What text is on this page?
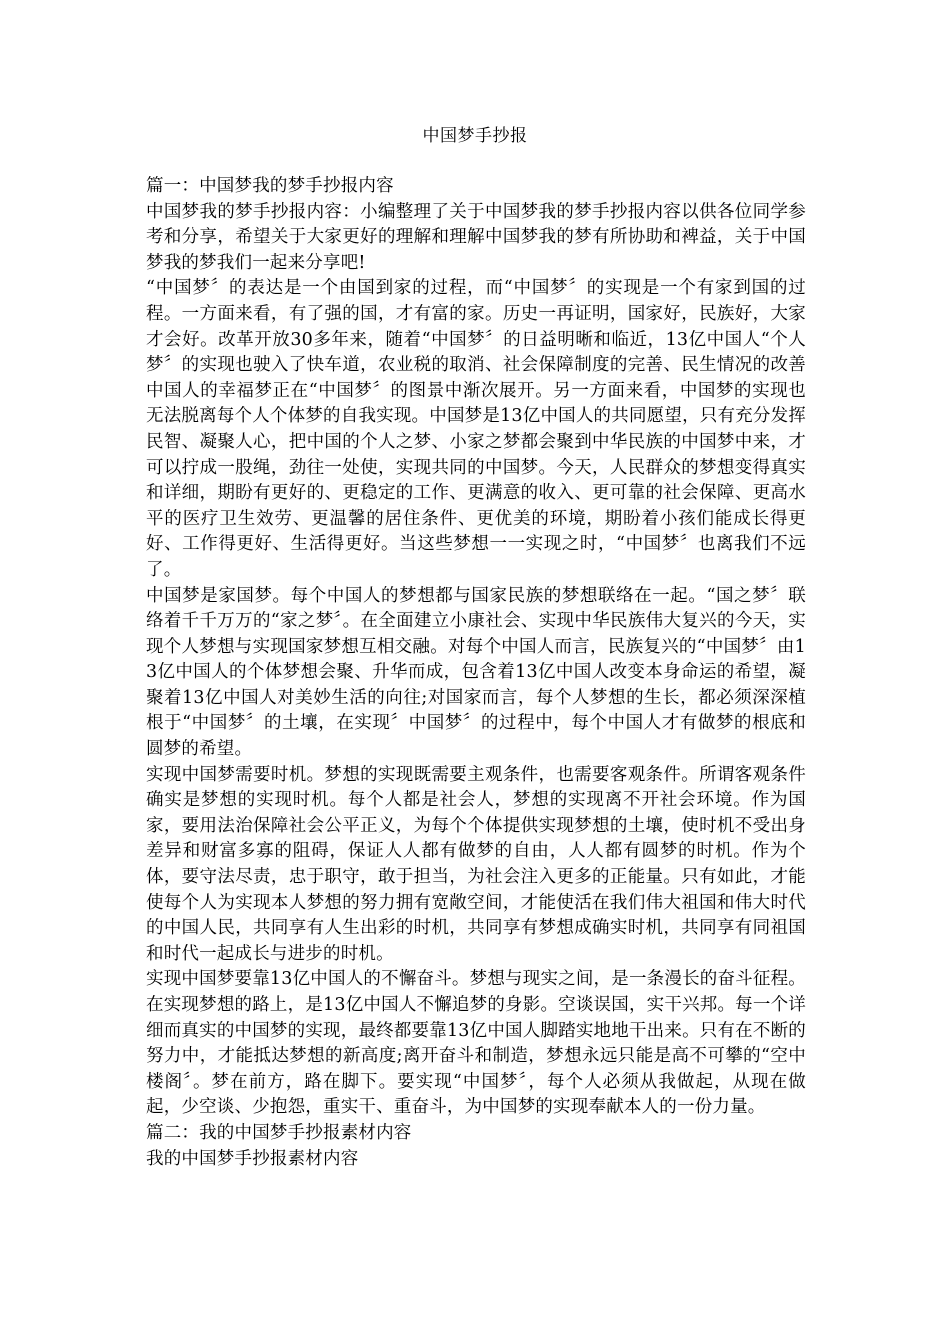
中国梦手抄报

篇一：中国梦我的梦手抄报内容

中国梦我的梦手抄报内容：小编整理了关于中国梦我的梦手抄报内容以供各位同学参考和分享，希望关于大家更好的理解和理解中国梦我的梦有所协助和裨益，关于中国梦我的梦我们一起来分享吧!

“中国梦〞的表达是一个由国到家的过程，而“中国梦〞的实现是一个有家到国的过程。一方面来看，有了强的国，才有富的家。历史一再证明，国家好，民族好，大家才会好。改革开放30多年来，随着“中国梦〞的日益明晰和临近，13亿中国人“个人梦〞的实现也驶入了快车道，农业税的取消、社会保障制度的完善、民生情况的改善中国人的幸福梦正在“中国梦〞的图景中渐次展开。另一方面来看，中国梦的实现也无法脱离每个人个体梦的自我实现。中国梦是13亿中国人的共同愿望，只有充分发挥民智、凝聚人心，把中国的个人之梦、小家之梦都会聚到中华民族的中国梦中来，才可以拧成一股绳，劲往一处使，实现共同的中国梦。今天，人民群众的梦想变得真实和详细，期盼有更好的、更稳定的工作、更满意的收入、更可靠的社会保障、更高水平的医疗卫生效劳、更温馨的居住条件、更优美的环境，期盼着小孩们能成长得更好、工作得更好、生活得更好。当这些梦想一一实现之时，“中国梦〞也离我们不远了。

中国梦是家国梦。每个中国人的梦想都与国家民族的梦想联络在一起。“国之梦〞联络着千千万万的“家之梦〞。在全面建立小康社会、实现中华民族伟大复兴的今天，实现个人梦想与实现国家梦想互相交融。对每个中国人而言，民族复兴的“中国梦〞由13亿中国人的个体梦想会聚、升华而成，包含着13亿中国人改变本身命运的希望，凝聚着13亿中国人对美妙生活的向往;对国家而言，每个人梦想的生长，都必须深深植根于“中国梦〞的土壤，在实现〞中国梦〞的过程中，每个中国人才有做梦的根底和圆梦的希望。

实现中国梦需要时机。梦想的实现既需要主观条件，也需要客观条件。所谓客观条件确实是梦想的实现时机。每个人都是社会人，梦想的实现离不开社会环境。作为国家，要用法治保障社会公平正义，为每个个体提供实现梦想的土壤，使时机不受出身差异和财富多寡的阻碍，保证人人都有做梦的自由，人人都有圆梦的时机。作为个体，要守法尽责，忠于职守，敢于担当，为社会注入更多的正能量。只有如此，才能使每个人为实现本人梦想的努力拥有宽敞空间，才能使活在我们伟大祖国和伟大时代的中国人民，共同享有人生出彩的时机，共同享有梦想成确实时机，共同享有同祖国和时代一起成长与进步的时机。

实现中国梦要靠13亿中国人的不懈奋斗。梦想与现实之间，是一条漫长的奋斗征程。在实现梦想的路上，是13亿中国人不懈追梦的身影。空谈误国，实干兴邦。每一个详细而真实的中国梦的实现，最终都要靠13亿中国人脚踏实地地干出来。只有在不断的努力中，才能抵达梦想的新高度;离开奋斗和制造，梦想永远只能是高不可攀的“空中楼阁〞。梦在前方，路在脚下。要实现“中国梦〞，每个人必须从我做起，从现在做起，少空谈、少抱怨，重实干、重奋斗，为中国梦的实现奉献本人的一份力量。

篇二：我的中国梦手抄报素材内容

我的中国梦手抄报素材内容
